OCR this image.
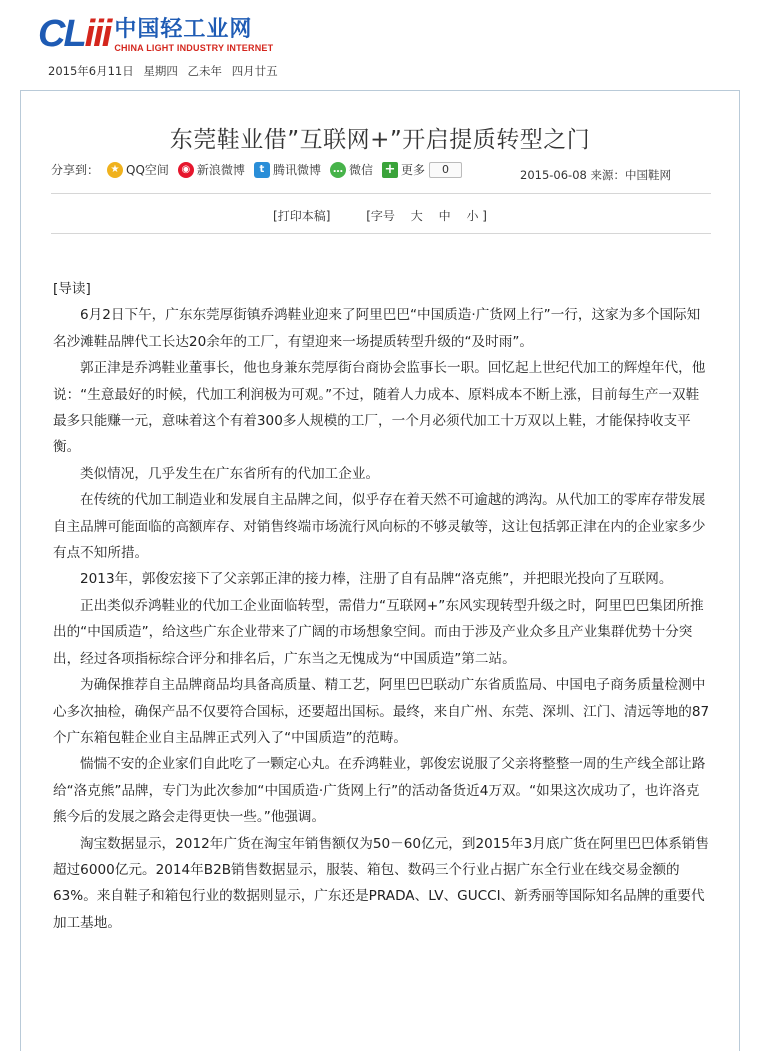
CLiii 中国轻工业网
CHINA LIGHT INDUSTRY INTERNET
2015年6月11日 星期四 乙未年 四月廿五
东莞鞋业借”互联网+”开启提质转型之门
分享到：	★ QQ空间	◉ 新浪微博	t 腾讯微博	… 微信 + 更多	0	2015-06-08 来源：中国鞋网
[打印本稿]	[字号 大 中 小 ]

[导读]

6月2日下午，广东东莞厚街镇乔鸿鞋业迎来了阿里巴巴“中国质造·广货网上行”一行，这家为多个国际知名沙滩鞋品牌代工长达20余年的工厂，有望迎来一场提质转型升级的“及时雨”。

郭正津是乔鸿鞋业董事长，他也身兼东莞厚街台商协会监事长一职。回忆起上世纪代加工的辉煌年代，他说：“生意最好的时候，代加工利润极为可观。”不过，随着人力成本、原料成本不断上涨，目前每生产一双鞋最多只能赚一元，意味着这个有着300多人规模的工厂，一个月必须代加工十万双以上鞋，才能保持收支平衡。

类似情况，几乎发生在广东省所有的代加工企业。

在传统的代加工制造业和发展自主品牌之间，似乎存在着天然不可逾越的鸿沟。从代加工的零库存带发展自主品牌可能面临的高额库存、对销售终端市场流行风向标的不够灵敏等，这让包括郭正津在内的企业家多少有点不知所措。

2013年，郭俊宏接下了父亲郭正津的接力棒，注册了自有品牌“洛克熊”，并把眼光投向了互联网。

正出类似乔鸿鞋业的代加工企业面临转型，需借力“互联网+”东风实现转型升级之时，阿里巴巴集团所推出的“中国质造”，给这些广东企业带来了广阔的市场想象空间。而由于涉及产业众多且产业集群优势十分突出，经过各项指标综合评分和排名后，广东当之无愧成为“中国质造”第二站。

为确保推荐自主品牌商品均具备高质量、精工艺，阿里巴巴联动广东省质监局、中国电子商务质量检测中心多次抽检，确保产品不仅要符合国标，还要超出国标。最终，来自广州、东莞、深圳、江门、清远等地的87个广东箱包鞋企业自主品牌正式列入了“中国质造”的范畴。

惴惴不安的企业家们自此吃了一颗定心丸。在乔鸿鞋业，郭俊宏说服了父亲将整整一周的生产线全部让路给“洛克熊”品牌，专门为此次参加“中国质造·广货网上行”的活动备货近4万双。“如果这次成功了，也许洛克熊今后的发展之路会走得更快一些。”他强调。

淘宝数据显示，2012年广货在淘宝年销售额仅为50－60亿元，到2015年3月底广货在阿里巴巴体系销售超过6000亿元。2014年B2B销售数据显示，服装、箱包、数码三个行业占据广东全行业在线交易金额的63%。来自鞋子和箱包行业的数据则显示，广东还是PRADA、LV、GUCCI、新秀丽等国际知名品牌的重要代加工基地。
